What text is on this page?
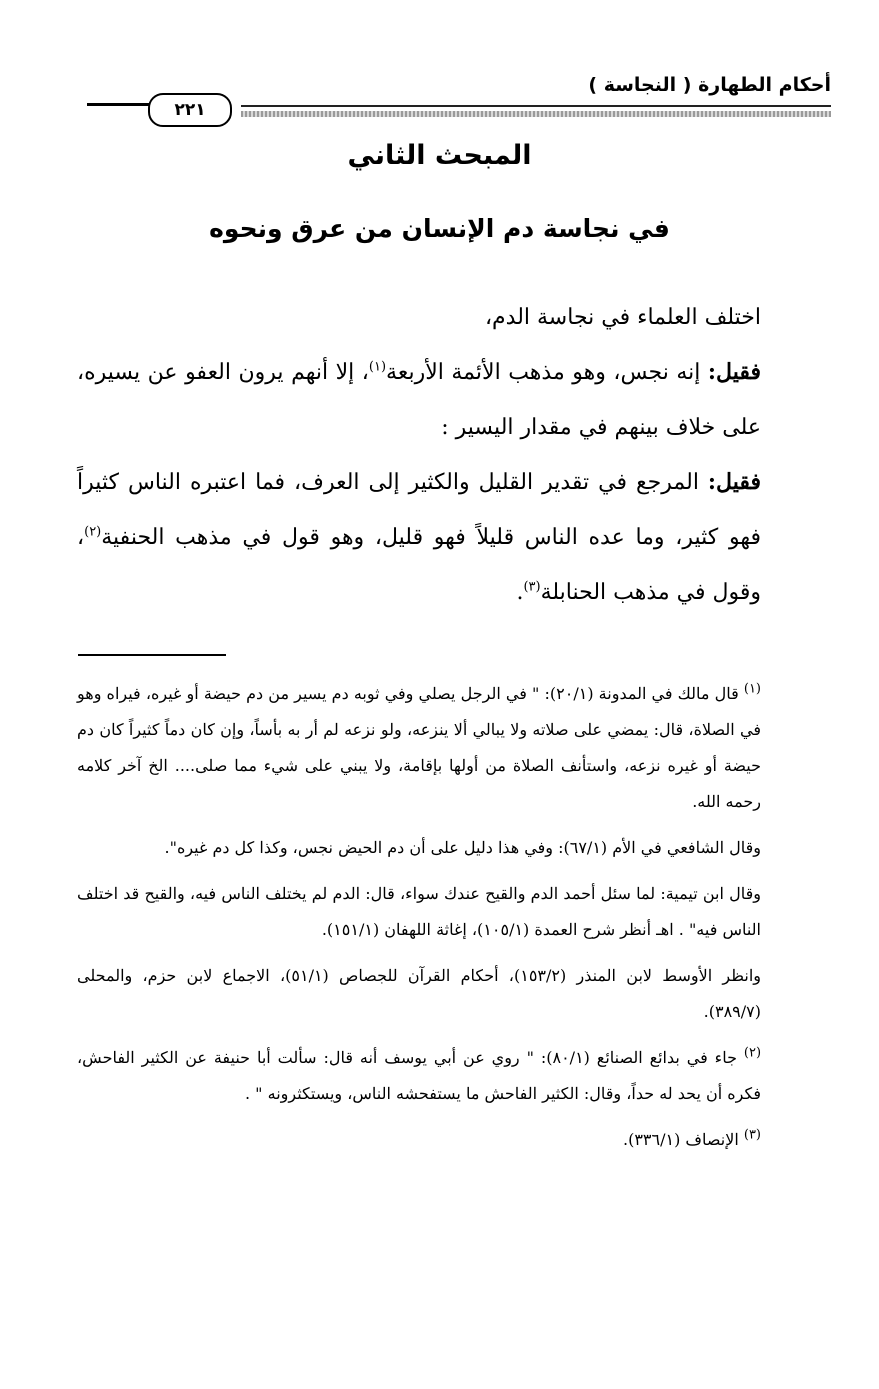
أحكام الطهارة ( النجاسة )
٢٢١
المبحث الثاني
في نجاسة دم الإنسان من عرق ونحوه

اختلف العلماء في نجاسة الدم،

فقيل: إنه نجس، وهو مذهب الأئمة الأربعة$^{(١)}$، إلا أنهم يرون العفو عن يسيره، على خلاف بينهم في مقدار اليسير :

فقيل: المرجع في تقدير القليل والكثير إلى العرف، فما اعتبره الناس كثيراً فهو كثير، وما عده الناس قليلاً فهو قليل، وهو قول في مذهب الحنفية$^{(٢)}$، وقول في مذهب الحنابلة$^{(٣)}$.

$^{(١)}$ قال مالك في المدونة (٢٠/١): " في الرجل يصلي وفي ثوبه دم يسير من دم حيضة أو غيره، فيراه وهو في الصلاة، قال: يمضي على صلاته ولا يبالي ألا ينزعه، ولو نزعه لم أر به بأساً، وإن كان دماً كثيراً كان دم حيضة أو غيره نزعه، واستأنف الصلاة من أولها بإقامة، ولا يبني على شيء مما صلى.... الخ آخر كلامه رحمه الله.

وقال الشافعي في الأم (٦٧/١): وفي هذا دليل على أن دم الحيض نجس، وكذا كل دم غيره".

وقال ابن تيمية: لما سئل أحمد الدم والقيح عندك سواء، قال: الدم لم يختلف الناس فيه، والقيح قد اختلف الناس فيه" . اهـ أنظر شرح العمدة (١٠٥/١)، إغاثة اللهفان (١٥١/١).

وانظر الأوسط لابن المنذر (١٥٣/٢)، أحكام القرآن للجصاص (٥١/١)، الاجماع لابن حزم، والمحلى (٣٨٩/٧).

$^{(٢)}$ جاء في بدائع الصنائع (٨٠/١): " روي عن أبي يوسف أنه قال: سألت أبا حنيفة عن الكثير الفاحش، فكره أن يحد له حداً، وقال: الكثير الفاحش ما يستفحشه الناس، ويستكثرونه " .

$^{(٣)}$ الإنصاف (٣٣٦/١).
